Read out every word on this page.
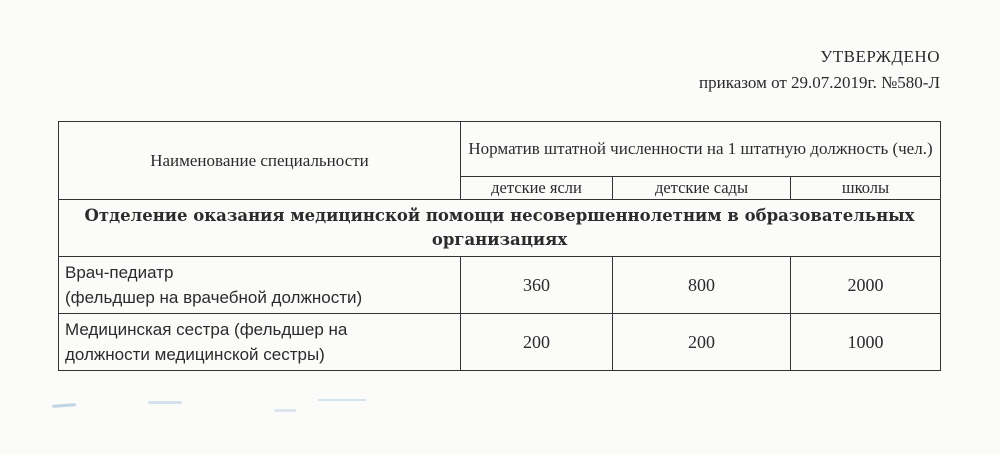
УТВЕРЖДЕНО
приказом от 29.07.2019г. №580-Л
Наименование специальности	Норматив штатной численности на 1 штатную должность (чел.)		
	детские ясли	детские сады	школы
Отделение оказания медицинской помощи несовершеннолетним в образовательных организациях			

Врач-педиатр
(фельдшер на врачебной должности)	360	800	2000

Медицинская сестра (фельдшер на
должности медицинской сестры)	200	200	1000
